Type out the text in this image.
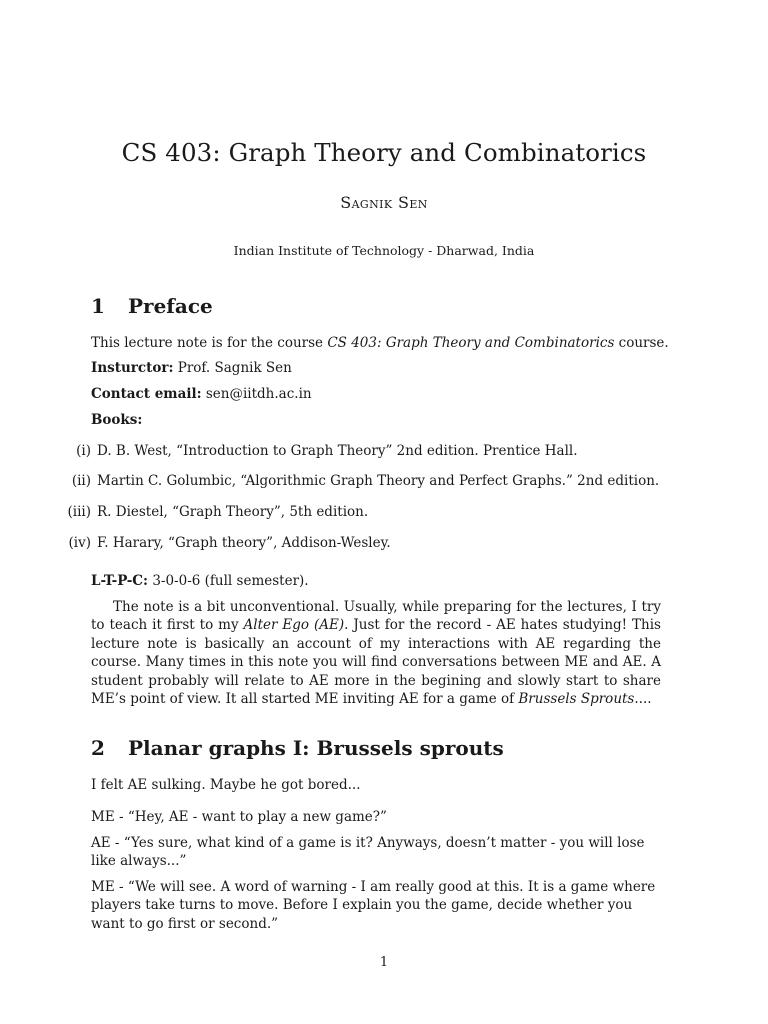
CS 403: Graph Theory and Combinatorics
Sagnik Sen
Indian Institute of Technology - Dharwad, India
1 Preface
This lecture note is for the course CS 403: Graph Theory and Combinatorics course.
Insturctor: Prof. Sagnik Sen
Contact email: sen@iitdh.ac.in
Books:
(i) D. B. West, “Introduction to Graph Theory” 2nd edition. Prentice Hall.
(ii) Martin C. Golumbic, “Algorithmic Graph Theory and Perfect Graphs.” 2nd edition.
(iii) R. Diestel, “Graph Theory”, 5th edition.
(iv) F. Harary, “Graph theory”, Addison-Wesley.
L-T-P-C: 3-0-0-6 (full semester).
The note is a bit unconventional. Usually, while preparing for the lectures, I try to teach it first to my Alter Ego (AE). Just for the record - AE hates studying! This lecture note is basically an account of my interactions with AE regarding the course. Many times in this note you will find conversations between ME and AE. A student probably will relate to AE more in the begining and slowly start to share ME’s point of view. It all started ME inviting AE for a game of Brussels Sprouts....
2 Planar graphs I: Brussels sprouts
I felt AE sulking. Maybe he got bored...
ME - “Hey, AE - want to play a new game?”
AE - “Yes sure, what kind of a game is it? Anyways, doesn’t matter - you will lose like always...”
ME - “We will see. A word of warning - I am really good at this. It is a game where players take turns to move. Before I explain you the game, decide whether you want to go first or second.”
1
